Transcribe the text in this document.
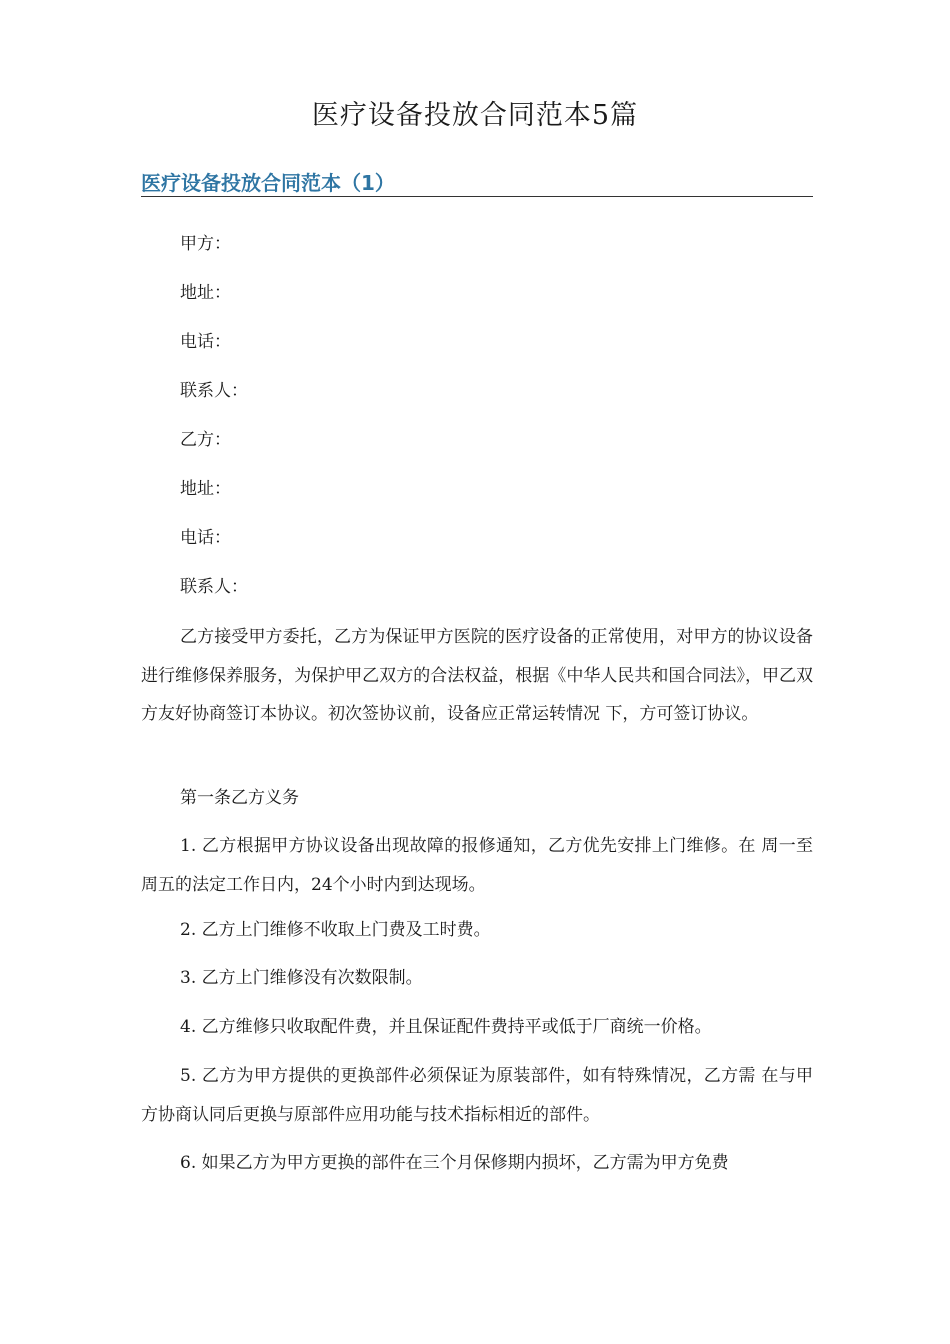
医疗设备投放合同范本5篇
医疗设备投放合同范本（1）

甲方：

地址：

电话：

联系人：

乙方：

地址：

电话：

联系人：

乙方接受甲方委托，乙方为保证甲方医院的医疗设备的正常使用，对甲方的协议设备进行维修保养服务，为保护甲乙双方的合法权益，根据《中华人民共和国合同法》，甲乙双方友好协商签订本协议。初次签协议前，设备应正常运转情况 下，方可签订协议。

第一条乙方义务

1. 乙方根据甲方协议设备出现故障的报修通知，乙方优先安排上门维修。在 周一至周五的法定工作日内，24个小时内到达现场。

2. 乙方上门维修不收取上门费及工时费。

3. 乙方上门维修没有次数限制。

4. 乙方维修只收取配件费，并且保证配件费持平或低于厂商统一价格。

5. 乙方为甲方提供的更换部件必须保证为原装部件，如有特殊情况，乙方需 在与甲方协商认同后更换与原部件应用功能与技术指标相近的部件。

6. 如果乙方为甲方更换的部件在三个月保修期内损坏，乙方需为甲方免费
